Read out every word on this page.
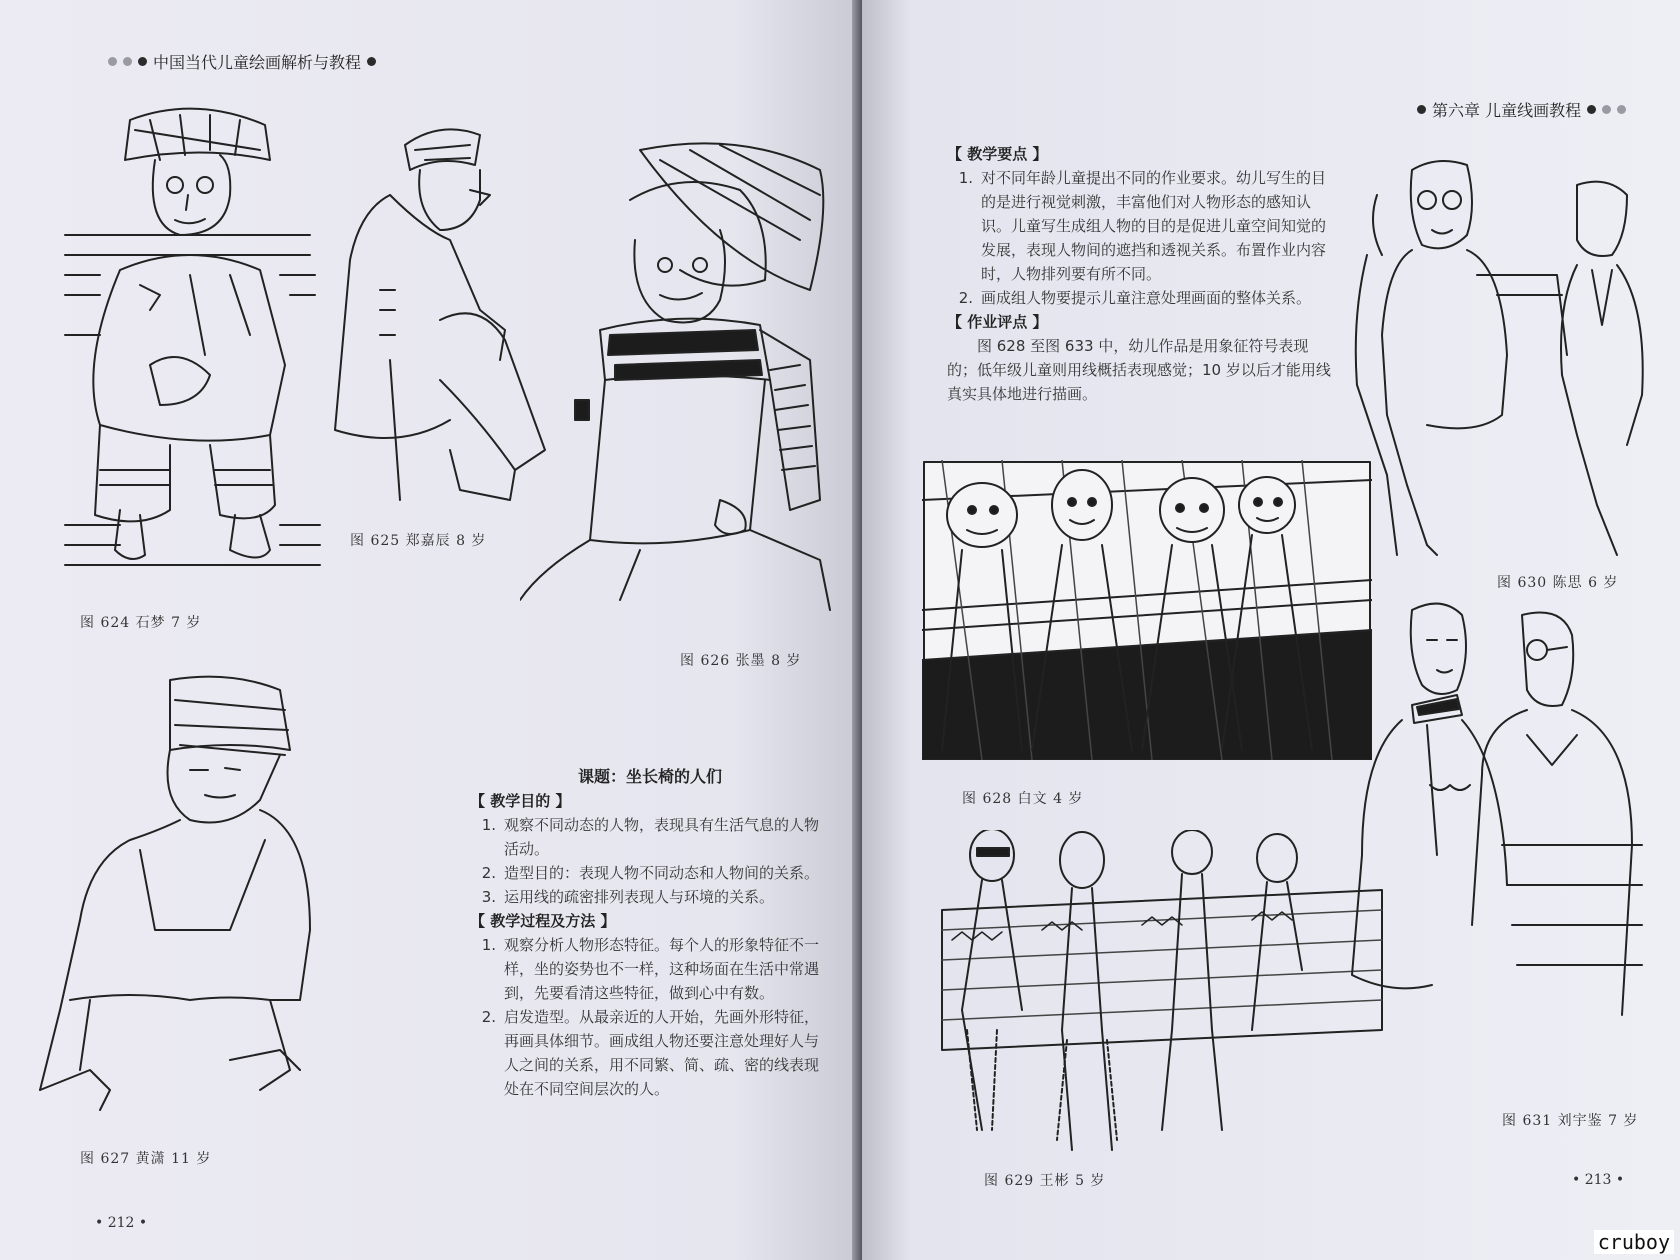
中国当代儿童绘画解析与教程
图 624 石梦 7 岁
图 625 郑嘉辰 8 岁
图 626 张墨 8 岁
图 627 黄潇 11 岁
课题：坐长椅的人们
【 教学目的 】
1. 观察不同动态的人物，表现具有生活气息的人物活动。
2. 造型目的：表现人物不同动态和人物间的关系。
3. 运用线的疏密排列表现人与环境的关系。
【 教学过程及方法 】
1. 观察分析人物形态特征。每个人的形象特征不一样，坐的姿势也不一样，这种场面在生活中常遇到，先要看清这些特征，做到心中有数。
2. 启发造型。从最亲近的人开始，先画外形特征，再画具体细节。画成组人物还要注意处理好人与人之间的关系，用不同繁、简、疏、密的线表现处在不同空间层次的人。
• 212 •
第六章 儿童线画教程
【 教学要点 】
1. 对不同年龄儿童提出不同的作业要求。幼儿写生的目的是进行视觉刺激，丰富他们对人物形态的感知认识。儿童写生成组人物的目的是促进儿童空间知觉的发展，表现人物间的遮挡和透视关系。布置作业内容时，人物排列要有所不同。
2. 画成组人物要提示儿童注意处理画面的整体关系。
【 作业评点 】
图 628 至图 633 中，幼儿作品是用象征符号表现的；低年级儿童则用线概括表现感觉；10 岁以后才能用线真实具体地进行描画。
图 628 白文 4 岁
图 629 王彬 5 岁
图 630 陈思 6 岁
图 631 刘宇鉴 7 岁
• 213 •
cruboy
